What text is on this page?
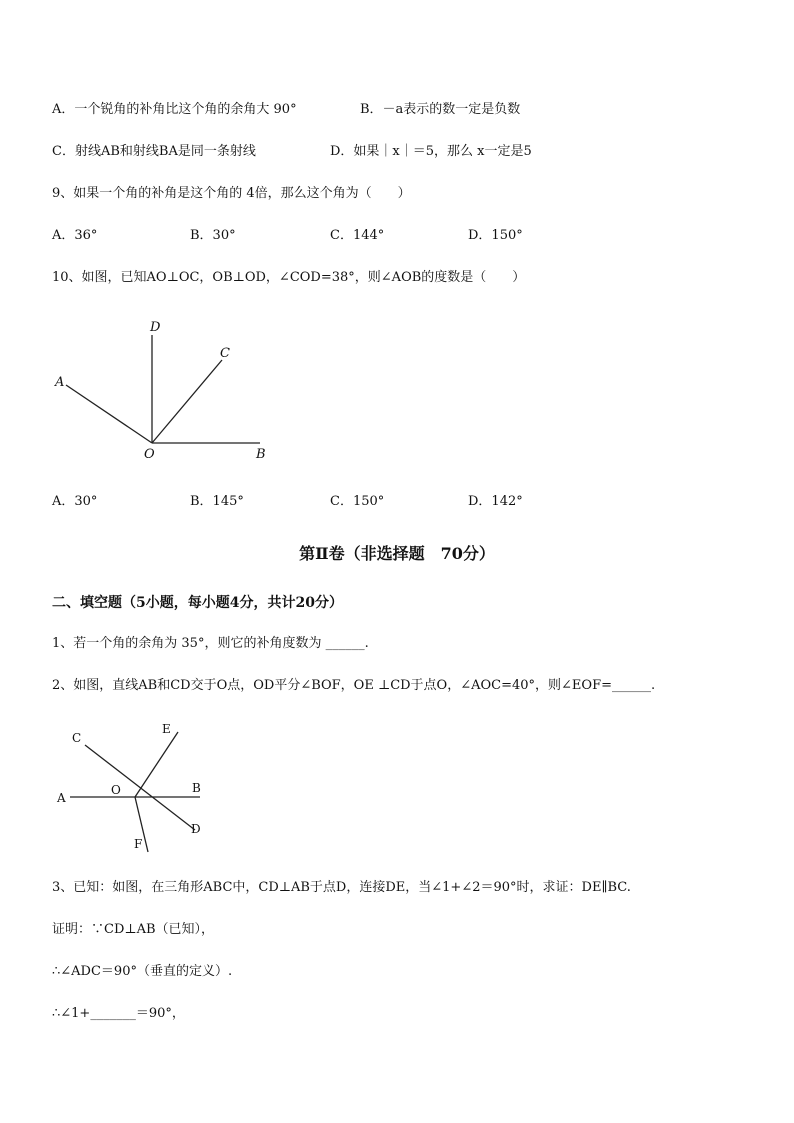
A．一个锐角的补角比这个角的余角大 90°	B．－a表示的数一定是负数
C．射线AB和射线BA是同一条射线	D．如果｜x｜＝5，那么 x一定是5
9、如果一个角的补角是这个角的 4倍，那么这个角为（　　）
A．36°	B．30°	C．144°	D．150°
10、如图，已知AO⊥OC，OB⊥OD，∠COD=38°，则∠AOB的度数是（　　）
D
C
A
O	B
A．30°	B．145°	C．150°	D．142°
第Ⅱ卷（非选择题　70分）
二、填空题（5小题，每小题4分，共计20分）
1、若一个角的余角为 35°，则它的补角度数为 ______.
2、如图，直线AB和CD交于O点，OD平分∠BOF，OE ⊥CD于点O，∠AOC=40°，则∠EOF=______.
C
E
A
O	B
D
F
3、已知：如图，在三角形ABC中，CD⊥AB于点D，连接DE，当∠1+∠2＝90°时，求证：DE∥BC.
证明：∵CD⊥AB（已知），
∴∠ADC＝90°（垂直的定义）.
∴∠1+_______＝90°，
